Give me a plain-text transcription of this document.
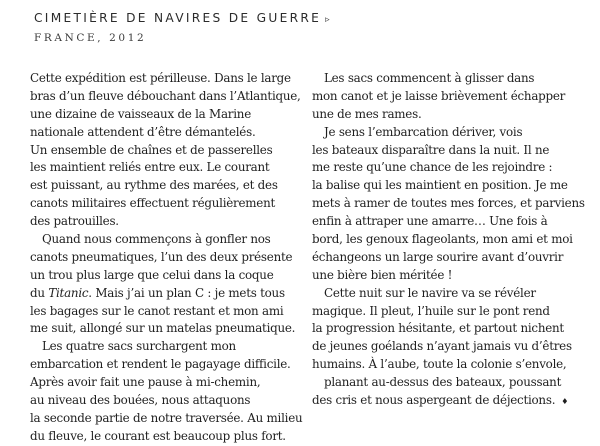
CIMETIÈRE DE NAVIRES DE GUERRE ▹
FRANCE, 2012
Cette expédition est périlleuse. Dans le large
bras d’un fleuve débouchant dans l’Atlantique,
une dizaine de vaisseaux de la Marine
nationale attendent d’être démantelés.
Un ensemble de chaînes et de passerelles
les maintient reliés entre eux. Le courant
est puissant, au rythme des marées, et des
canots militaires effectuent régulièrement
des patrouilles.
Quand nous commençons à gonfler nos
canots pneumatiques, l’un des deux présente
un trou plus large que celui dans la coque
du Titanic. Mais j’ai un plan C : je mets tous
les bagages sur le canot restant et mon ami
me suit, allongé sur un matelas pneumatique.
Les quatre sacs surchargent mon
embarcation et rendent le pagayage difficile.
Après avoir fait une pause à mi-chemin,
au niveau des bouées, nous attaquons
la seconde partie de notre traversée. Au milieu
du fleuve, le courant est beaucoup plus fort.
Les sacs commencent à glisser dans
mon canot et je laisse brièvement échapper
une de mes rames.
Je sens l’embarcation dériver, vois
les bateaux disparaître dans la nuit. Il ne
me reste qu’une chance de les rejoindre :
la balise qui les maintient en position. Je me
mets à ramer de toutes mes forces, et parviens
enfin à attraper une amarre… Une fois à
bord, les genoux flageolants, mon ami et moi
échangeons un large sourire avant d’ouvrir
une bière bien méritée !
Cette nuit sur le navire va se révéler
magique. Il pleut, l’huile sur le pont rend
la progression hésitante, et partout nichent
de jeunes goélands n’ayant jamais vu d’êtres
humains. À l’aube, toute la colonie s’envole,
planant au-dessus des bateaux, poussant
des cris et nous aspergeant de déjections. ♦
